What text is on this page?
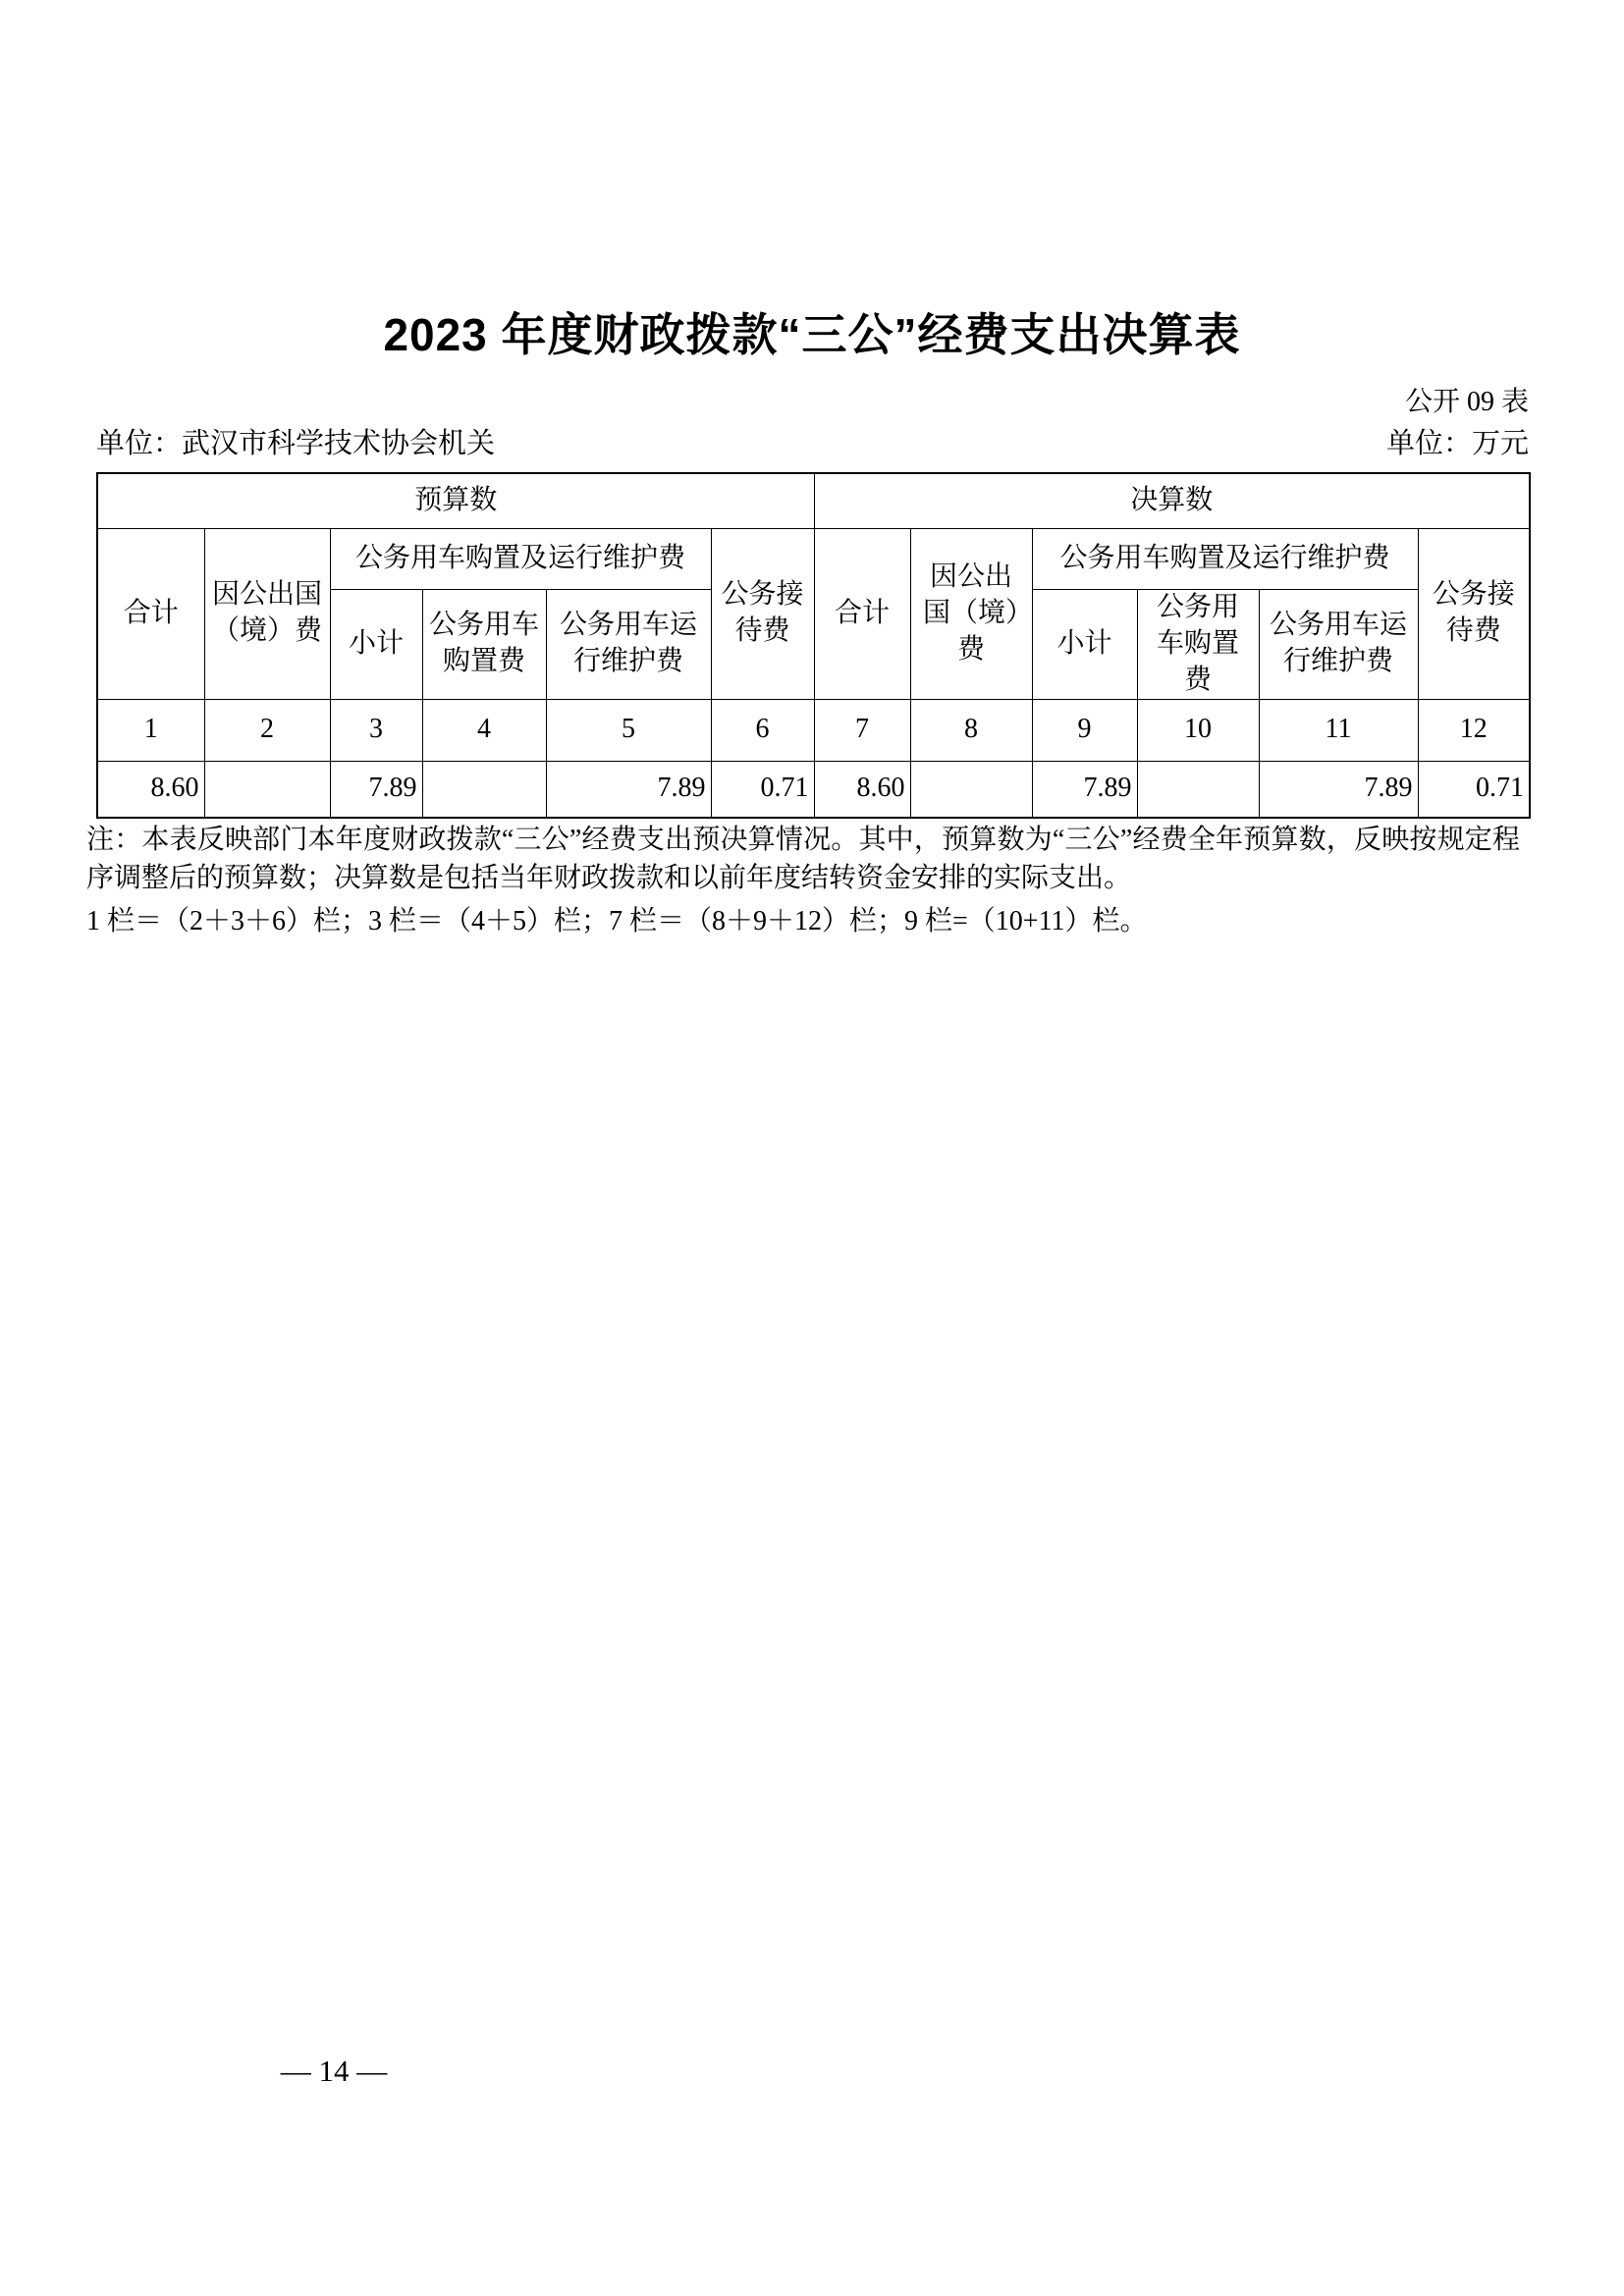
2023 年度财政拨款“三公”经费支出决算表
公开 09 表
单位：武汉市科学技术协会机关	单位：万元
预算数						决算数					
合计	因公出国（境）费	公务用车购置及运行维护费			公务接待费	合计	因公出国（境）费	公务用车购置及运行维护费			公务接待费
		小计	公务用车购置费	公务用车运行维护费				小计	公务用车购置费	公务用车运行维护费	
1	2	3	4	5	6	7	8	9	10	11	12
8.60		7.89		7.89	0.71	8.60		7.89		7.89	0.71
注：本表反映部门本年度财政拨款“三公”经费支出预决算情况。其中，预算数为“三公”经费全年预算数，反映按规定程序调整后的预算数；决算数是包括当年财政拨款和以前年度结转资金安排的实际支出。
1 栏＝（2＋3＋6）栏；3 栏＝（4＋5）栏；7 栏＝（8＋9＋12）栏；9 栏=（10+11）栏。
— 14 —
